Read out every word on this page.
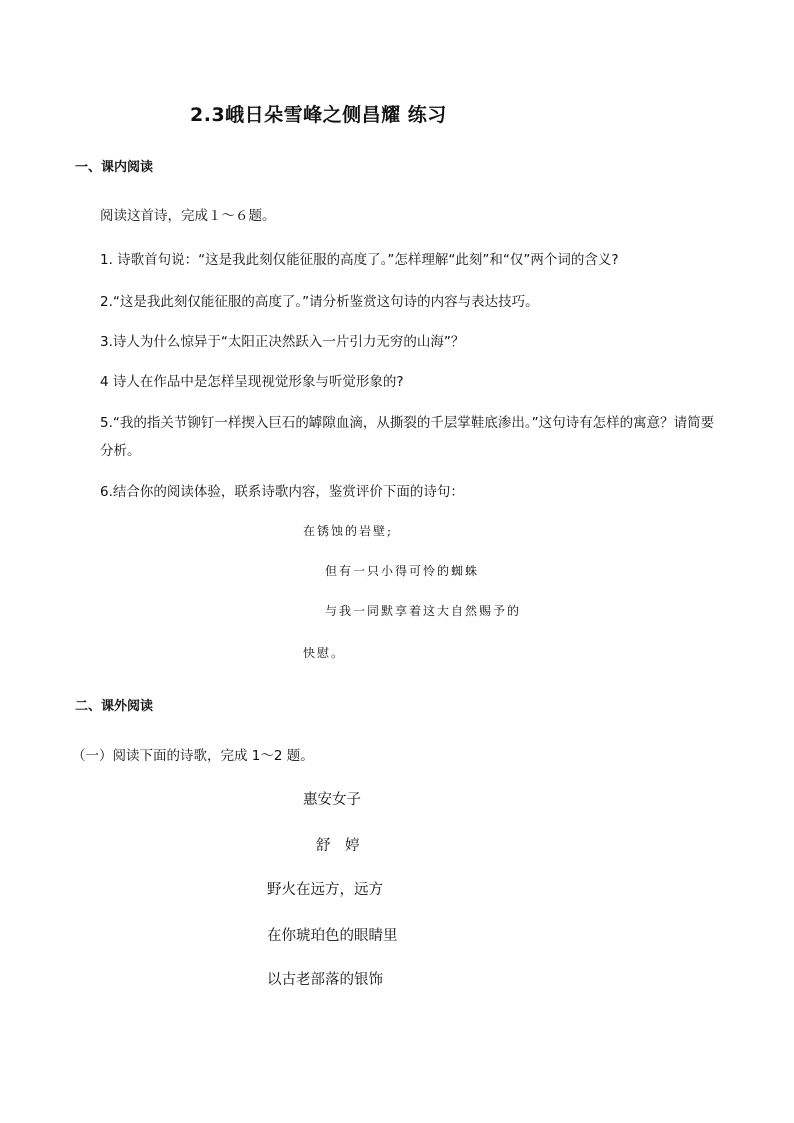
2.3峨日朵雪峰之侧昌耀 练习
一、课内阅读
阅读这首诗，完成１～６题。
1. 诗歌首句说：“这是我此刻仅能征服的高度了。”怎样理解“此刻”和“仅”两个词的含义?
2.“这是我此刻仅能征服的高度了。”请分析鉴赏这句诗的内容与表达技巧。
3.诗人为什么惊异于“太阳正决然跃入一片引力无穷的山海”？
4 诗人在作品中是怎样呈现视觉形象与听觉形象的?
5.“我的指关节铆钉一样揳入巨石的罅隙血滴，从撕裂的千层掌鞋底渗出。”这句诗有怎样的寓意？请简要分析。
6.结合你的阅读体验，联系诗歌内容，鉴赏评价下面的诗句：
在锈蚀的岩壁;
但有一只小得可怜的蜘蛛
与我一同默享着这大自然赐予的
快慰。
二、课外阅读
（一）阅读下面的诗歌，完成 1～2 题。
惠安女子
舒　婷
野火在远方，远方
在你琥珀色的眼睛里
以古老部落的银饰
